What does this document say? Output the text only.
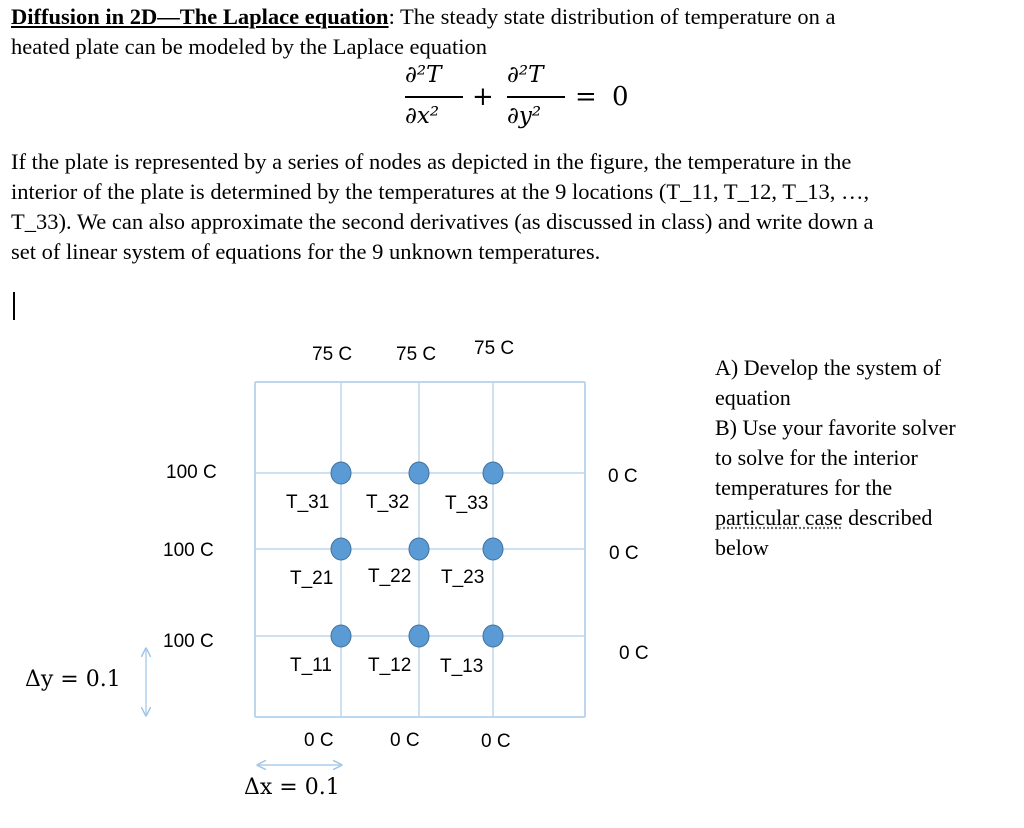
Diffusion in 2D—The Laplace equation: The steady state distribution of temperature on a
heated plate can be modeled by the Laplace equation

∂²T
∂x²
+
∂²T
∂y²
= 0

If the plate is represented by a series of nodes as depicted in the figure, the temperature in the
interior of the plate is determined by the temperatures at the 9 locations (T_11, T_12, T_13, …,
T_33). We can also approximate the second derivatives (as discussed in class) and write down a
set of linear system of equations for the 9 unknown temperatures.

75 C 75 C 75 C
100 C
100 C
100 C
0 C
0 C
0 C
0 C	0 C	0 C
T_31 T_32 T_33
T_21 T_22 T_23
T_11 T_12 T_13
Δy = 0.1
Δx = 0.1

A) Develop the system of
equation
B) Use your favorite solver
to solve for the interior
temperatures for the
particular case described
below
